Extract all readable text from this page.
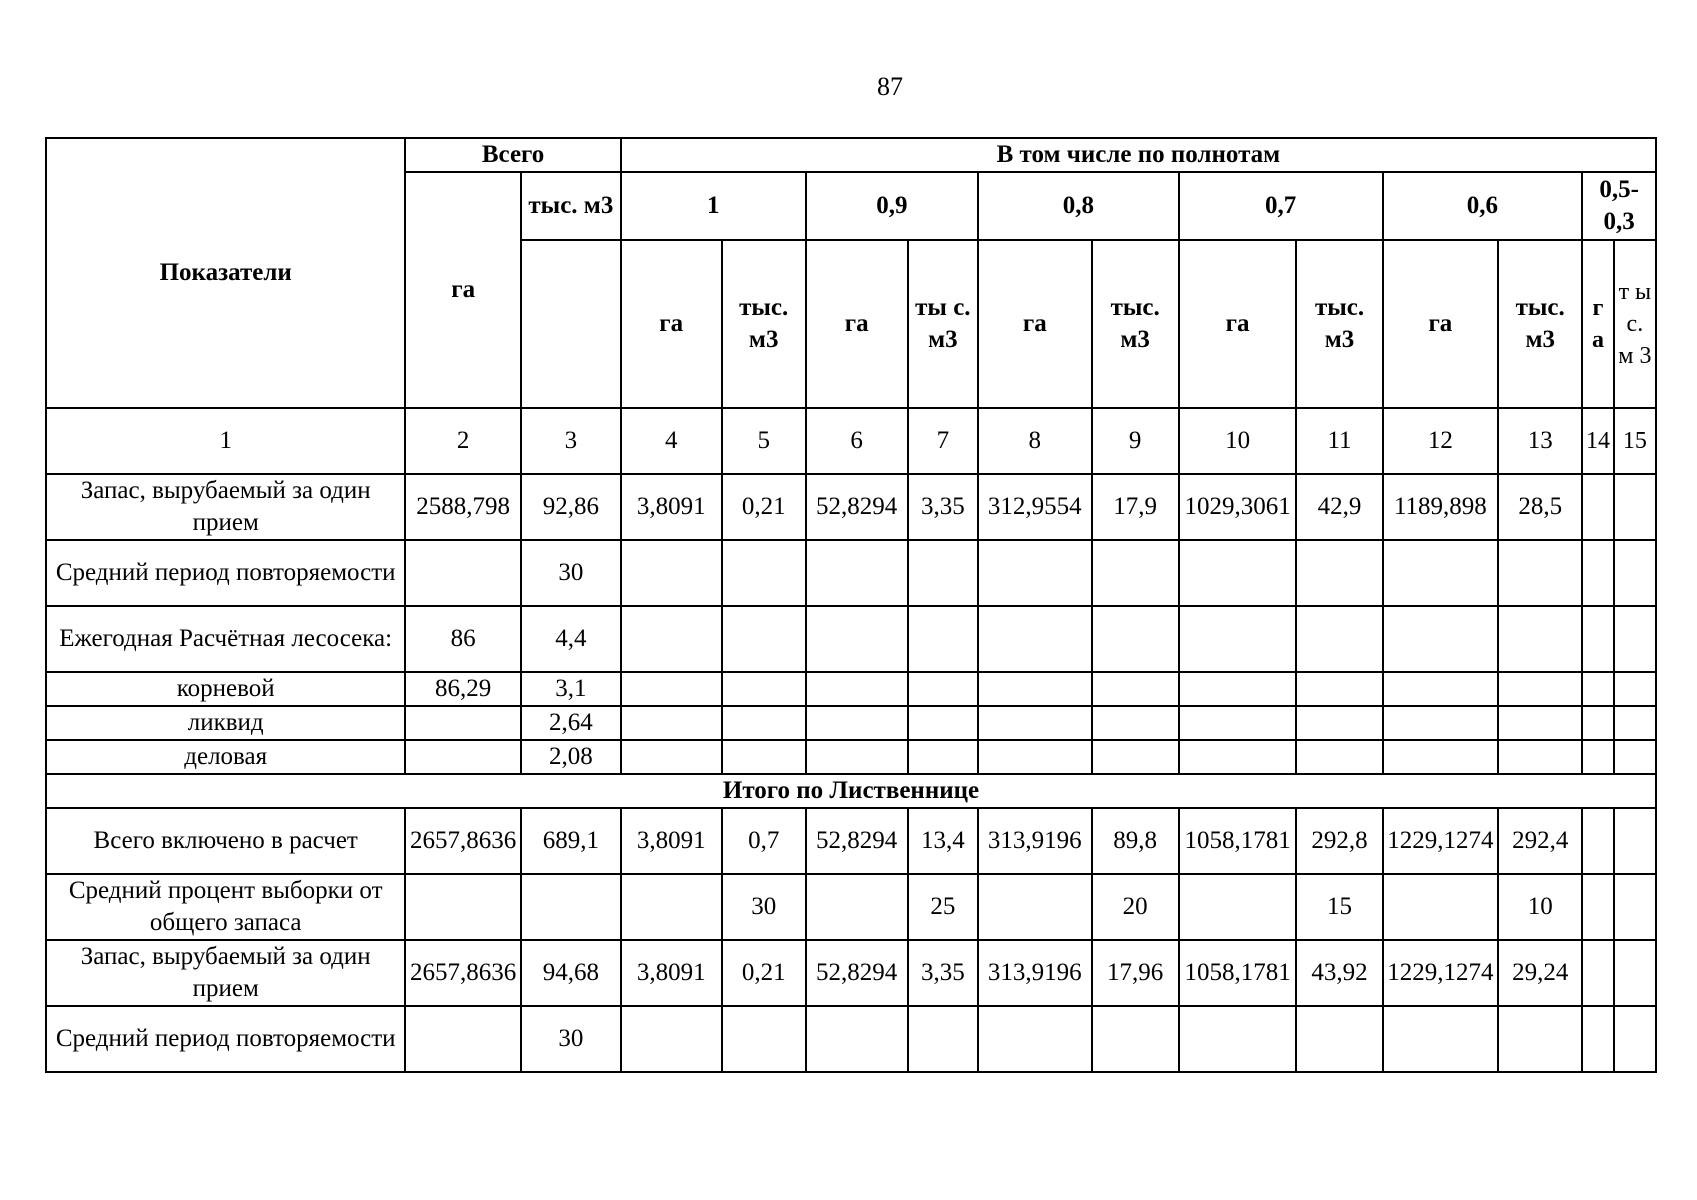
87
Показатели	Всего		В том числе по полнотам											
	га	тыс. м3	1		0,9		0,8		0,7		0,6		0,5-0,3	
			га	тыс. м3	га	ты с. м3	га	тыс. м3	га	тыс. м3	га	тыс. м3	г а	т ы с. м 3
1	2	3	4	5	6	7	8	9	10	11	12	13	14	15
Запас, вырубаемый за один прием	2588,798	92,86	3,8091	0,21	52,8294	3,35	312,9554	17,9	1029,3061	42,9	1189,898	28,5		
Средний период повторяемости		30												
Ежегодная Расчётная лесосека:	86	4,4												
корневой	86,29	3,1												
ликвид		2,64												
деловая		2,08												
Итого по Лиственнице														
Всего включено в расчет	2657,8636	689,1	3,8091	0,7	52,8294	13,4	313,9196	89,8	1058,1781	292,8	1229,1274	292,4		
Средний процент выборки от общего запаса				30		25		20		15		10		
Запас, вырубаемый за один прием	2657,8636	94,68	3,8091	0,21	52,8294	3,35	313,9196	17,96	1058,1781	43,92	1229,1274	29,24		
Средний период повторяемости		30												
